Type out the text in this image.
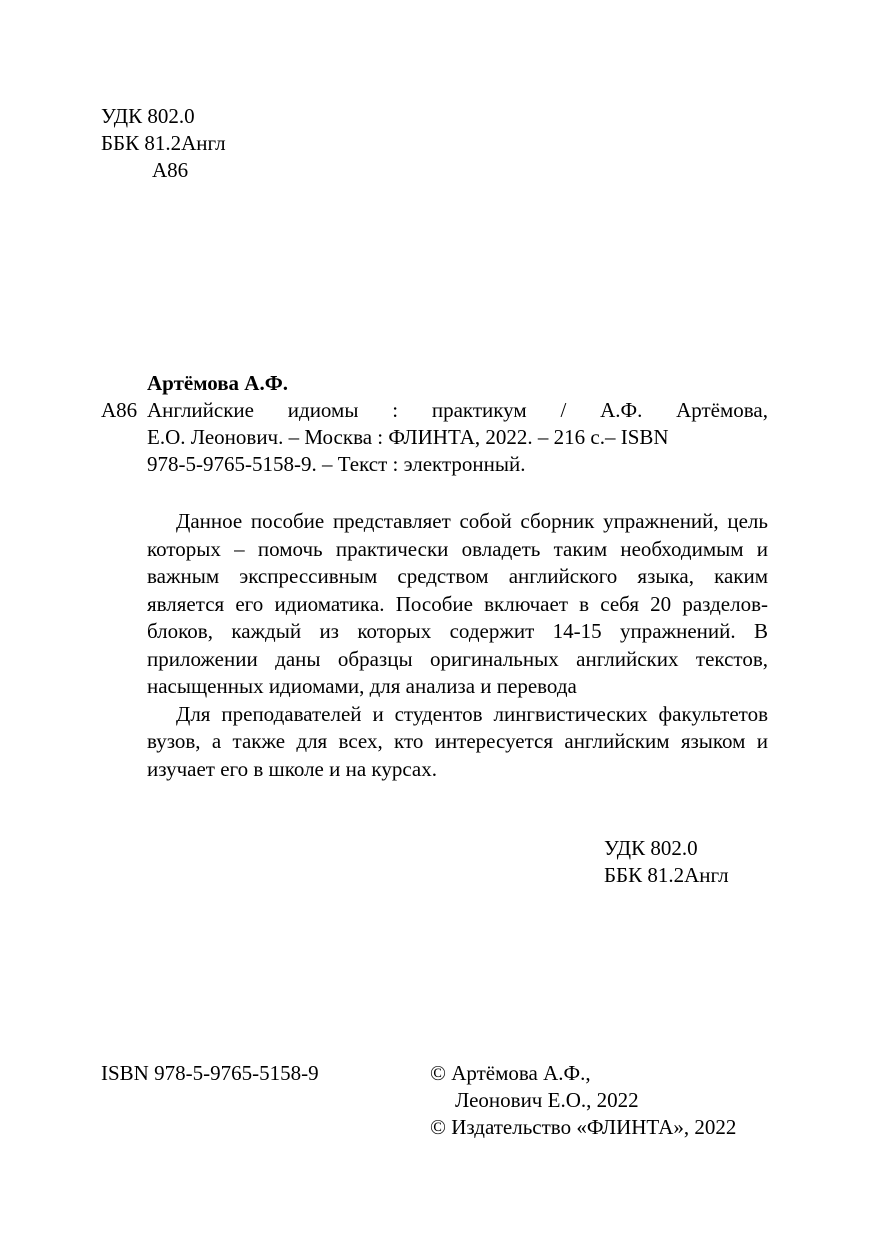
УДК 802.0
ББК 81.2Англ
А86
Артёмова А.Ф.
А86 Английские идиомы : практикум / А.Ф. Артёмова,
Е.О. Леонович. – Москва : ФЛИНТА, 2022. – 216 с.– ISBN
978-5-9765-5158-9. – Текст : электронный.

Данное пособие представляет собой сборник упражнений, цель которых – помочь практически овладеть таким необходимым и важным экспрессивным средством английского языка, каким является его идиоматика. Пособие включает в себя 20 разделов-блоков, каждый из которых содержит 14-15 упражнений. В приложении даны образцы оригинальных английских текстов, насыщенных идиомами, для анализа и перевода

Для преподавателей и студентов лингвистических факультетов вузов, а также для всех, кто интересуется английским языком и изучает его в школе и на курсах.

УДК 802.0
ББК 81.2Англ
ISBN 978-5-9765-5158-9	© Артёмова А.Ф.,
Леонович Е.О., 2022
© Издательство «ФЛИНТА», 2022
